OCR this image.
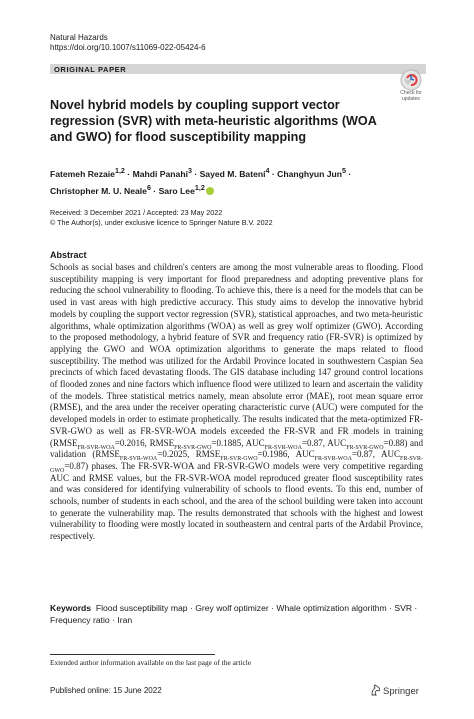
Natural Hazards
https://doi.org/10.1007/s11069-022-05424-6
ORIGINAL PAPER
Check for
updates
Novel hybrid models by coupling support vector regression (SVR) with meta-heuristic algorithms (WOA and GWO) for flood susceptibility mapping
Fatemeh Rezaie$^{1,2}$ · Mahdi Panahi$^3$ · Sayed M. Bateni$^4$ · Changhyun Jun$^5$ ·
Christopher M. U. Neale$^6$ · Saro Lee$^{1,2}$
Received: 3 December 2021 / Accepted: 23 May 2022
© The Author(s), under exclusive licence to Springer Nature B.V. 2022
Abstract

Schools as social bases and children's centers are among the most vulnerable areas to flooding. Flood susceptibility mapping is very important for flood preparedness and adopting preventive plans for reducing the school vulnerability to flooding. To achieve this, there is a need for the models that can be used in vast areas with high predictive accuracy. This study aims to develop the innovative hybrid models by coupling the support vector regression (SVR), statistical approaches, and two meta-heuristic algorithms, whale optimization algorithms (WOA) as well as grey wolf optimizer (GWO). According to the proposed methodology, a hybrid feature of SVR and frequency ratio (FR-SVR) is optimized by applying the GWO and WOA optimization algorithms to generate the maps related to flood susceptibility. The method was utilized for the Ardabil Province located in southwestern Caspian Sea precincts of which faced devastating floods. The GIS database including 147 ground control locations of flooded zones and nine factors which influence flood were utilized to learn and ascertain the validity of the models. Three statistical metrics namely, mean absolute error (MAE), root mean square error (RMSE), and the area under the receiver operating characteristic curve (AUC) were computed for the developed models in order to estimate prophetically. The results indicated that the meta-optimized FR-SVR-GWO as well as FR-SVR-WOA models exceeded the FR-SVR and FR models in training ($RMSE_{FR-SVR-WOA}=0.2016$, $RMSE_{FR-SVR-GWO}=0.1885$, $AUC_{FR-SVR-WOA}=0.87$, $AUC_{FR-SVR-GWO}=0.88$) and validation ($RMSE_{FR-SVR-WOA}=0.2025$, $RMSE_{FR-SVR-GWO}=0.1986$, $AUC_{FR-SVR-WOA}=0.87$, $AUC_{FR-SVR-GWO}=0.87$) phases. The FR-SVR-WOA and FR-SVR-GWO models were very competitive regarding AUC and RMSE values, but the FR-SVR-WOA model reproduced greater flood susceptibility rates and was considered for identifying vulnerability of schools to flood events. To this end, number of schools, number of students in each school, and the area of the school building were taken into account to generate the vulnerability map. The results demonstrated that schools with the highest and lowest vulnerability to flooding were mostly located in southeastern and central parts of the Ardabil Province, respectively.

Keywords Flood susceptibility map · Grey wolf optimizer · Whale optimization algorithm · SVR · Frequency ratio · Iran
Extended author information available on the last page of the article
Published online: 15 June 2022	Springer
